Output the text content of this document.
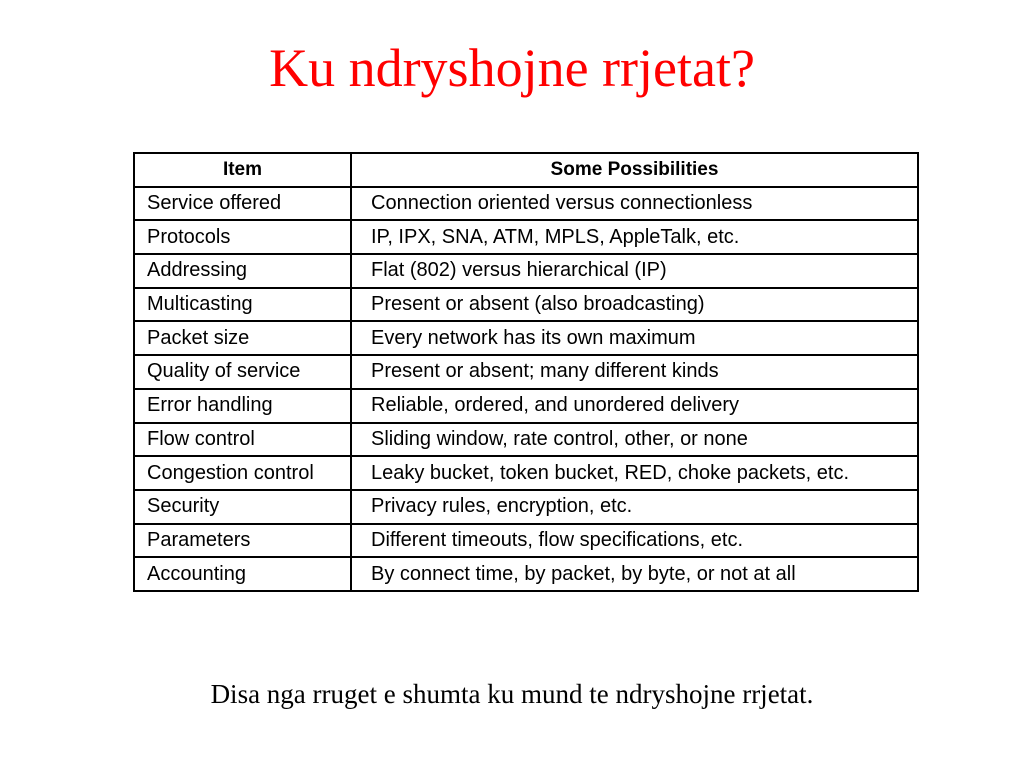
Ku ndryshojne rrjetat?
Item	Some Possibilities
Service offered	Connection oriented versus connectionless
Protocols	IP, IPX, SNA, ATM, MPLS, AppleTalk, etc.
Addressing	Flat (802) versus hierarchical (IP)
Multicasting	Present or absent (also broadcasting)
Packet size	Every network has its own maximum
Quality of service	Present or absent; many different kinds
Error handling	Reliable, ordered, and unordered delivery
Flow control	Sliding window, rate control, other, or none
Congestion control	Leaky bucket, token bucket, RED, choke packets, etc.
Security	Privacy rules, encryption, etc.
Parameters	Different timeouts, flow specifications, etc.
Accounting	By connect time, by packet, by byte, or not at all

Disa nga rruget e shumta ku mund te ndryshojne rrjetat.
